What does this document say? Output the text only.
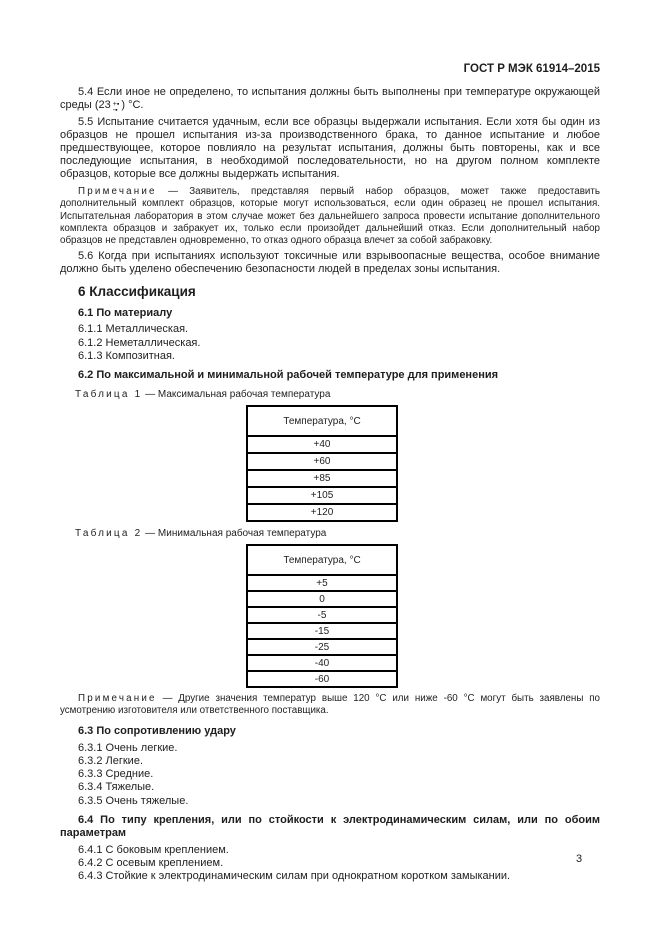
ГОСТ Р МЭК 61914–2015

5.4 Если иное не определено, то испытания должны быть выполнены при температуре окружающей среды (23 +▪
-▪ ) °С.

5.5 Испытание считается удачным, если все образцы выдержали испытания. Если хотя бы один из образцов не прошел испытания из-за производственного брака, то данное испытание и любое предшествующее, которое повлияло на результат испытания, должны быть повторены, как и все последующие испытания, в необходимой последовательности, но на другом полном комплекте образцов, которые все должны выдержать испытания.

Примечание — Заявитель, представляя первый набор образцов, может также предоставить дополнительный комплект образцов, которые могут использоваться, если один образец не прошел испытания. Испытательная лаборатория в этом случае может без дальнейшего запроса провести испытание дополнительного комплекта образцов и забракует их, только если произойдет дальнейший отказ. Если дополнительный набор образцов не представлен одновременно, то отказ одного образца влечет за собой забраковку.

5.6 Когда при испытаниях используют токсичные или взрывоопасные вещества, особое внимание должно быть уделено обеспечению безопасности людей в пределах зоны испытания.

6 Классификация
6.1 По материалу

6.1.1 Металлическая.

6.1.2 Неметаллическая.

6.1.3 Композитная.

6.2 По максимальной и минимальной рабочей температуре для применения

Таблица 1 — Максимальная рабочая температура

Температура, °С
+40
+60
+85
+105
+120

Таблица 2 — Минимальная рабочая температура

Температура, °С
+5
0
-5
-15
-25
-40
-60

Примечание — Другие значения температур выше 120 °С или ниже -60 °С могут быть заявлены по усмотрению изготовителя или ответственного поставщика.

6.3 По сопротивлению удару

6.3.1 Очень легкие.

6.3.2 Легкие.

6.3.3 Средние.

6.3.4 Тяжелые.

6.3.5 Очень тяжелые.

6.4 По типу крепления, или по стойкости к электродинамическим силам, или по обоим параметрам

6.4.1 С боковым креплением.

6.4.2 С осевым креплением.

6.4.3 Стойкие к электродинамическим силам при однократном коротком замыкании.

3
